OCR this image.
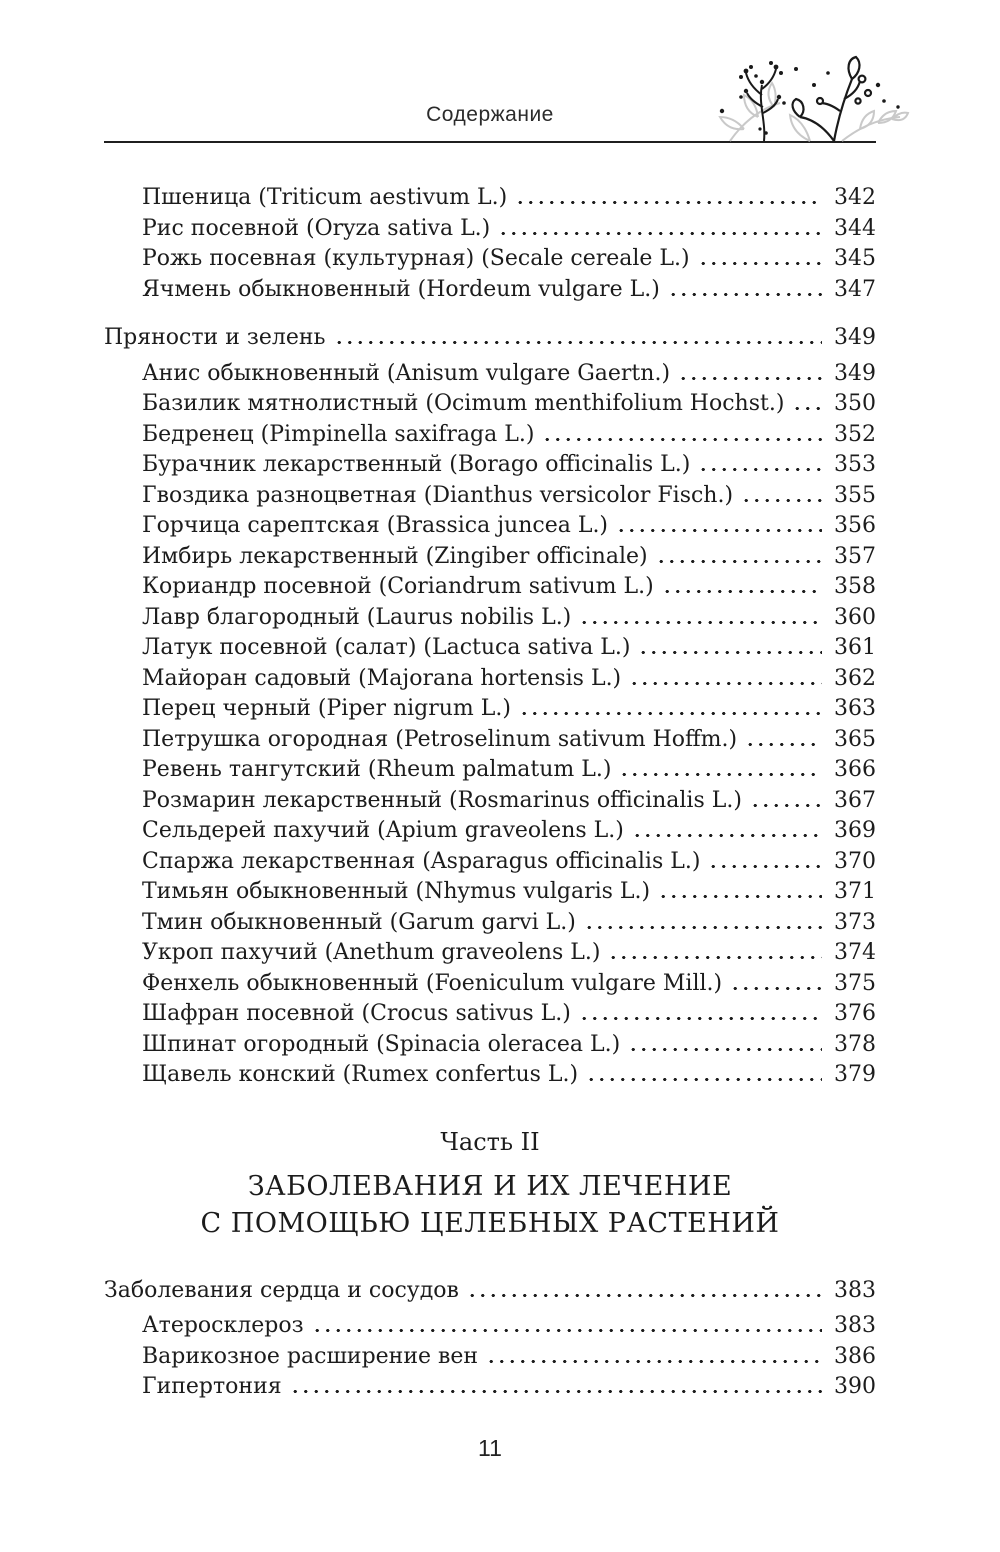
Содержание
Пшеница (Triticum aestivum L.)	342
Рис посевной (Oryza sativa L.)	344
Рожь посевная (культурная) (Secale cereale L.)	345
Ячмень обыкновенный (Hordeum vulgare L.)	347
Пряности и зелень	349
Анис обыкновенный (Anisum vulgare Gaertn.)	349
Базилик мятнолистный (Ocimum menthifolium Hochst.) 350
Бедренец (Pimpinella saxifraga L.)	352
Бурачник лекарственный (Borago officinalis L.)	353
Гвоздика разноцветная (Dianthus versicolor Fisch.)	355
Горчица сарептская (Brassica juncea L.)	356
Имбирь лекарственный (Zingiber officinale)	357
Кориандр посевной (Coriandrum sativum L.)	358
Лавр благородный (Laurus nobilis L.)	360
Латук посевной (салат) (Lactuca sativa L.)	361
Майоран садовый (Majorana hortensis L.)	362
Перец черный (Piper nigrum L.)	363
Петрушка огородная (Petroselinum sativum Hoffm.)	365
Ревень тангутский (Rheum palmatum L.)	366
Розмарин лекарственный (Rosmarinus officinalis L.)	367
Сельдерей пахучий (Apium graveolens L.)	369
Спаржа лекарственная (Asparagus officinalis L.)	370
Тимьян обыкновенный (Nhymus vulgaris L.)	371
Тмин обыкновенный (Garum garvi L.)	373
Укроп пахучий (Anethum graveolens L.)	374
Фенхель обыкновенный (Foeniculum vulgare Mill.)	375
Шафран посевной (Crocus sativus L.)	376
Шпинат огородный (Spinacia oleracea L.)	378
Щавель конский (Rumex confertus L.)	379
Часть II
ЗАБОЛЕВАНИЯ И ИХ ЛЕЧЕНИЕ
С ПОМОЩЬЮ ЦЕЛЕБНЫХ РАСТЕНИЙ
Заболевания сердца и сосудов	383
Атеросклероз	383
Варикозное расширение вен	386
Гипертония	390
11
